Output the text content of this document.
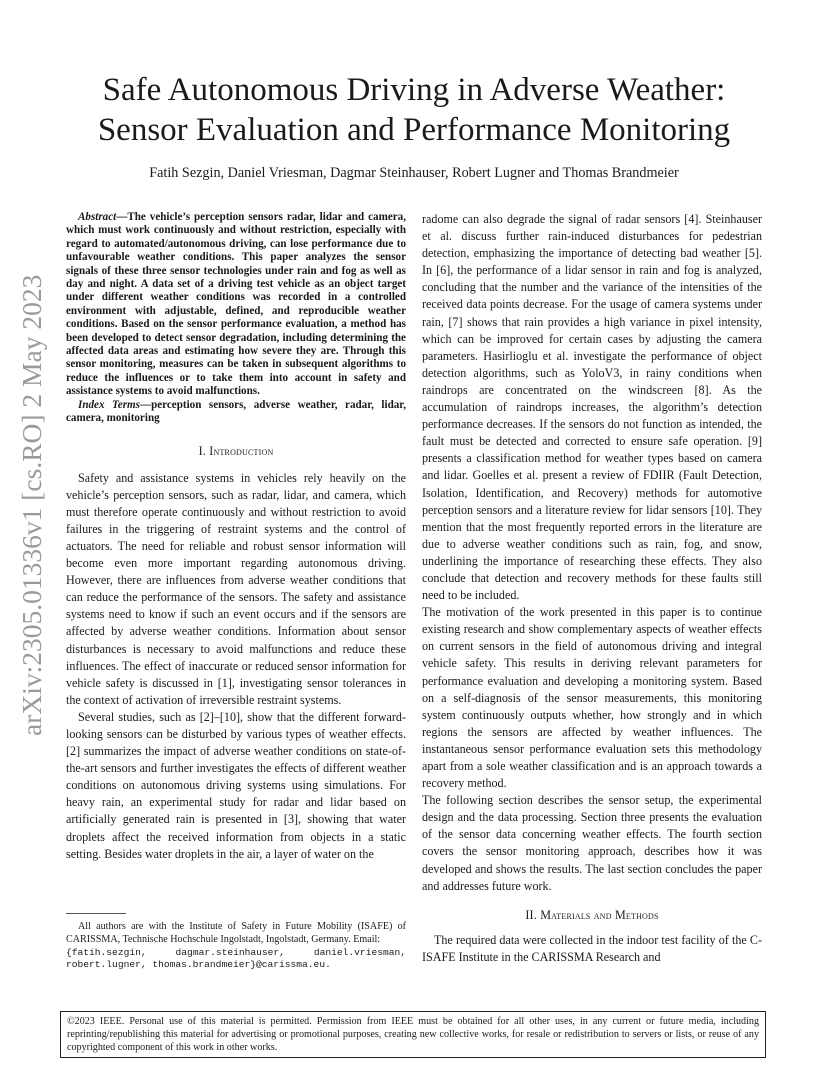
arXiv:2305.01336v1 [cs.RO] 2 May 2023
Safe Autonomous Driving in Adverse Weather:
Sensor Evaluation and Performance Monitoring
Fatih Sezgin, Daniel Vriesman, Dagmar Steinhauser, Robert Lugner and Thomas Brandmeier

Abstract—The vehicle’s perception sensors radar, lidar and camera, which must work continuously and without restriction, especially with regard to automated/autonomous driving, can lose performance due to unfavourable weather conditions. This paper analyzes the sensor signals of these three sensor technologies under rain and fog as well as day and night. A data set of a driving test vehicle as an object target under different weather conditions was recorded in a controlled environment with adjustable, defined, and reproducible weather conditions. Based on the sensor performance evaluation, a method has been developed to detect sensor degradation, including determining the affected data areas and estimating how severe they are. Through this sensor monitoring, measures can be taken in subsequent algorithms to reduce the influences or to take them into account in safety and assistance systems to avoid malfunctions.

Index Terms—perception sensors, adverse weather, radar, lidar, camera, monitoring

I. Introduction

Safety and assistance systems in vehicles rely heavily on the vehicle’s perception sensors, such as radar, lidar, and camera, which must therefore operate continuously and without restriction to avoid failures in the triggering of restraint systems and the control of actuators. The need for reliable and robust sensor information will become even more important regarding autonomous driving. However, there are influences from adverse weather conditions that can reduce the performance of the sensors. The safety and assistance systems need to know if such an event occurs and if the sensors are affected by adverse weather conditions. Information about sensor disturbances is necessary to avoid malfunctions and reduce these influences. The effect of inaccurate or reduced sensor information for vehicle safety is discussed in [1], investigating sensor tolerances in the context of activation of irreversible restraint systems.

Several studies, such as [2]–[10], show that the different forward-looking sensors can be disturbed by various types of weather effects. [2] summarizes the impact of adverse weather conditions on state-of-the-art sensors and further investigates the effects of different weather conditions on autonomous driving systems using simulations. For heavy rain, an experimental study for radar and lidar based on artificially generated rain is presented in [3], showing that water droplets affect the received information from objects in a static setting. Besides water droplets in the air, a layer of water on the

All authors are with the Institute of Safety in Future Mobility (ISAFE) of CARISSMA, Technische Hochschule Ingolstadt, Ingolstadt, Germany. Email: {fatih.sezgin, dagmar.steinhauser, daniel.vriesman, robert.lugner, thomas.brandmeier}@carissma.eu.

radome can also degrade the signal of radar sensors [4]. Steinhauser et al. discuss further rain-induced disturbances for pedestrian detection, emphasizing the importance of detecting bad weather [5]. In [6], the performance of a lidar sensor in rain and fog is analyzed, concluding that the number and the variance of the intensities of the received data points decrease. For the usage of camera systems under rain, [7] shows that rain provides a high variance in pixel intensity, which can be improved for certain cases by adjusting the camera parameters. Hasirlioglu et al. investigate the performance of object detection algorithms, such as YoloV3, in rainy conditions when raindrops are concentrated on the windscreen [8]. As the accumulation of raindrops increases, the algorithm’s detection performance decreases. If the sensors do not function as intended, the fault must be detected and corrected to ensure safe operation. [9] presents a classification method for weather types based on camera and lidar. Goelles et al. present a review of FDIIR (Fault Detection, Isolation, Identification, and Recovery) methods for automotive perception sensors and a literature review for lidar sensors [10]. They mention that the most frequently reported errors in the literature are due to adverse weather conditions such as rain, fog, and snow, underlining the importance of researching these effects. They also conclude that detection and recovery methods for these faults still need to be included.

The motivation of the work presented in this paper is to continue existing research and show complementary aspects of weather effects on current sensors in the field of autonomous driving and integral vehicle safety. This results in deriving relevant parameters for performance evaluation and developing a monitoring system. Based on a self-diagnosis of the sensor measurements, this monitoring system continuously outputs whether, how strongly and in which regions the sensors are affected by weather influences. The instantaneous sensor performance evaluation sets this methodology apart from a sole weather classification and is an approach towards a recovery method.

The following section describes the sensor setup, the experimental design and the data processing. Section three presents the evaluation of the sensor data concerning weather effects. The fourth section covers the sensor monitoring approach, describes how it was developed and shows the results. The last section concludes the paper and addresses future work.

II. Materials and Methods

The required data were collected in the indoor test facility of the C-ISAFE Institute in the CARISSMA Research and

©2023 IEEE. Personal use of this material is permitted. Permission from IEEE must be obtained for all other uses, in any current or future media, including reprinting/republishing this material for advertising or promotional purposes, creating new collective works, for resale or redistribution to servers or lists, or reuse of any copyrighted component of this work in other works.
